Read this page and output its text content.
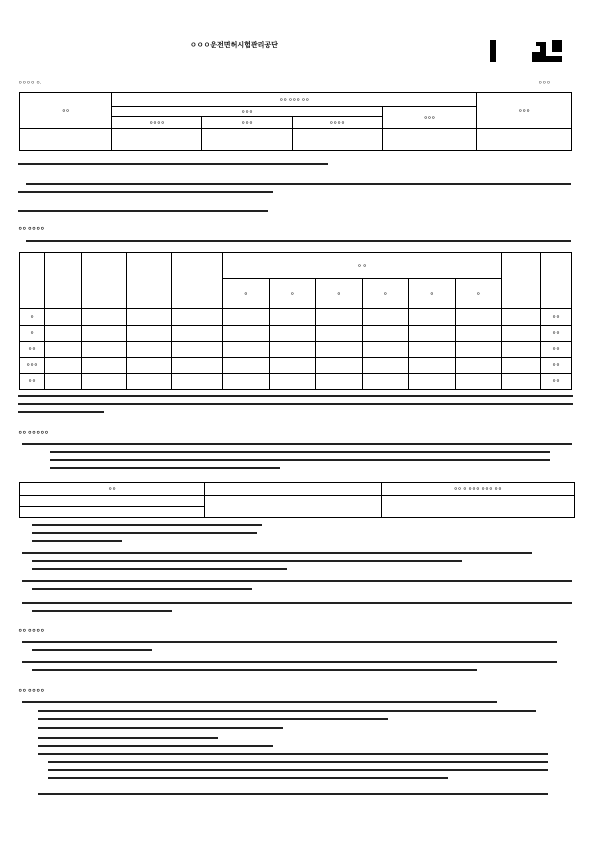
ㅇㅇㅇ운전면허시험관리공단
ㅇㅇㅇㅇ ㅇ.	ㅇㅇㅇ
ㅇㅇ	ㅇㅇ ㅇㅇㅇ ㅇㅇ				ㅇㅇㅇ
	ㅇㅇㅇ			ㅇㅇㅇ	
	ㅇㅇㅇㅇ	ㅇㅇㅇ	ㅇㅇㅇㅇ		

ㅇㅇ ㅇㅇㅇㅇ
					ㅇ ㅇ							
					ㅇ	ㅇ	ㅇ	ㅇ	ㅇ	ㅇ		
ㅇ												ㅇㅇ
ㅇ												ㅇㅇ
ㅇㅇ												ㅇㅇ
ㅇㅇㅇ												ㅇㅇ
ㅇㅇ												ㅇㅇ
ㅇㅇ ㅇㅇㅇㅇㅇ
ㅇㅇ		ㅇㅇ ㅇ ㅇㅇㅇ ㅇㅇㅇ ㅇㅇ

ㅇㅇ ㅇㅇㅇㅇ
ㅇㅇ ㅇㅇㅇㅇ
